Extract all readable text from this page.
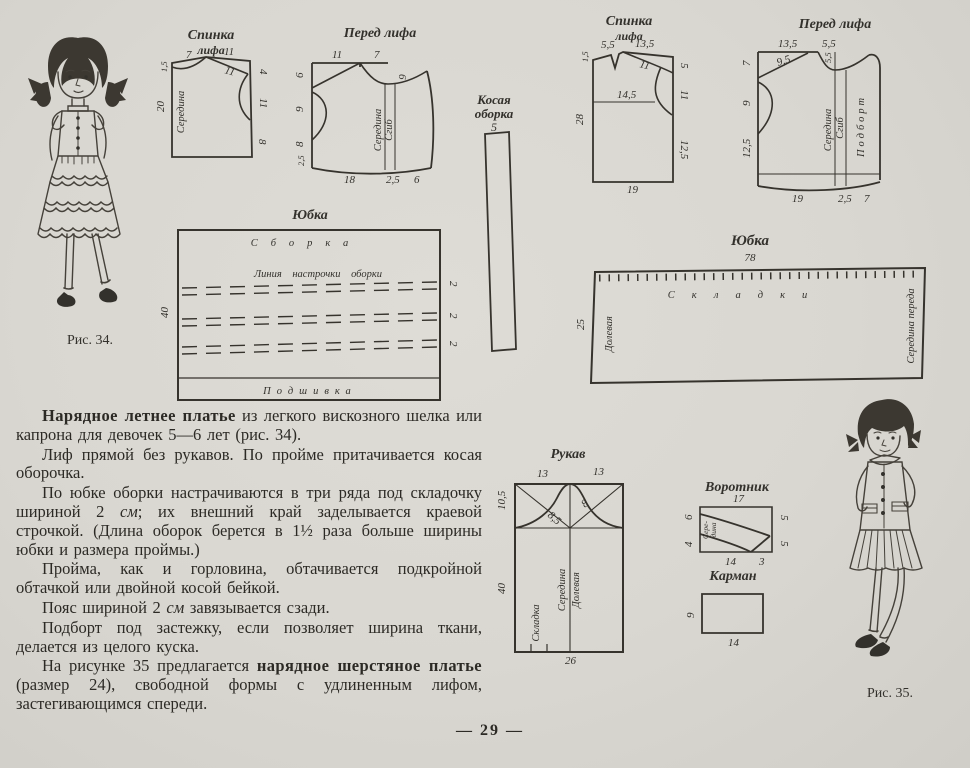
Рис. 34.
Спинка
лифа
7	11
11
1,5	4
11
8
20 Середина
Перед лифа
11	7
6
9
8
2,5
6
18	2,5 6
Середина Сгиб
Косая
оборка
5
Спинка
лифа
5,5 13,5
1,5
11
14,5
28
5
11
12,5
19
Перед лифа
13,5 5,5
9,5	5,5
7
9
12,5
19	2,5 7
Середина Сгиб Подборт
Юбка
Сборка
Линия настрочки оборки
Подшивка
40
2
2
2
Юбка
78
Складки
Долевая
25	Середина переда

Нарядное летнее платье из легкого вискозного шелка или капрона для девочек 5—6 лет (рис. 34).

Лиф прямой без рукавов. По пройме притачивается косая оборочка.

По юбке оборки настрачиваются в три ряда под складочку шириной 2 см; их внешний край заделывается краевой строчкой. (Длина оборок берется в 1½ раза больше ширины юбки и размера проймы.)

Пройма, как и горловина, обтачивается подкройной обтачкой или двойной косой бейкой.

Пояс шириной 2 см завязывается сзади.

Подборт под застежку, если позволяет ширина ткани, делается из целого куска.

На рисунке 35 предлагается нарядное шерстяное платье (размер 24), свободной формы с удлиненным лифом, застегивающимся спереди.

Рукав
13	13
10,5
8,5
8
40
26
Середина Долевая
Складка
Воротник
17
6
4
5
5
14 3
Сере- дина
Карман
9
14
Рис. 35.
— 29 —
